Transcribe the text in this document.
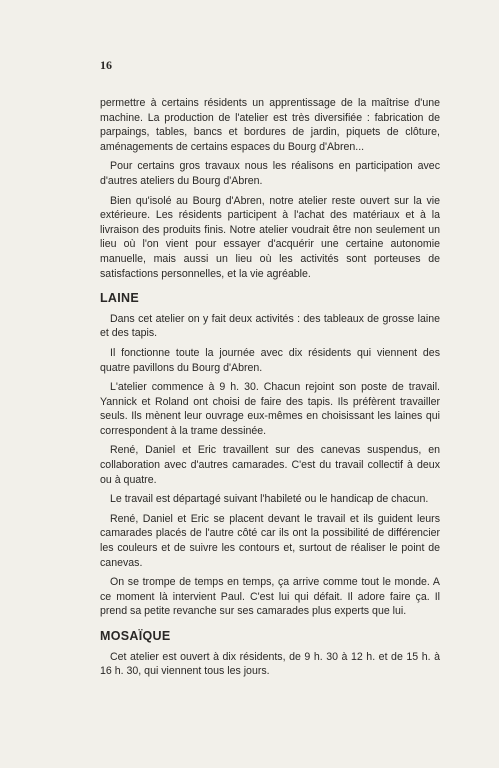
16

permettre à certains résidents un apprentissage de la maîtrise d'une machine. La production de l'atelier est très diversifiée : fabrication de parpaings, tables, bancs et bordures de jardin, piquets de clôture, aménagements de certains espaces du Bourg d'Abren...

Pour certains gros travaux nous les réalisons en participation avec d'autres ateliers du Bourg d'Abren.

Bien qu'isolé au Bourg d'Abren, notre atelier reste ouvert sur la vie extérieure. Les résidents participent à l'achat des matériaux et à la livraison des produits finis. Notre atelier voudrait être non seulement un lieu où l'on vient pour essayer d'acquérir une certaine autonomie manuelle, mais aussi un lieu où les activités sont porteuses de satisfactions personnelles, et la vie agréable.

LAINE

Dans cet atelier on y fait deux activités : des tableaux de grosse laine et des tapis.

Il fonctionne toute la journée avec dix résidents qui viennent des quatre pavillons du Bourg d'Abren.

L'atelier commence à 9 h. 30. Chacun rejoint son poste de travail. Yannick et Roland ont choisi de faire des tapis. Ils préfèrent travailler seuls. Ils mènent leur ouvrage eux-mêmes en choisissant les laines qui correspondent à la trame dessinée.

René, Daniel et Eric travaillent sur des canevas suspendus, en collaboration avec d'autres camarades. C'est du travail collectif à deux ou à quatre.

Le travail est départagé suivant l'habileté ou le handicap de chacun.

René, Daniel et Eric se placent devant le travail et ils guident leurs camarades placés de l'autre côté car ils ont la possibilité de différencier les couleurs et de suivre les contours et, surtout de réaliser le point de canevas.

On se trompe de temps en temps, ça arrive comme tout le monde. A ce moment là intervient Paul. C'est lui qui défait. Il adore faire ça. Il prend sa petite revanche sur ses camarades plus experts que lui.

MOSAÏQUE

Cet atelier est ouvert à dix résidents, de 9 h. 30 à 12 h. et de 15 h. à 16 h. 30, qui viennent tous les jours.
